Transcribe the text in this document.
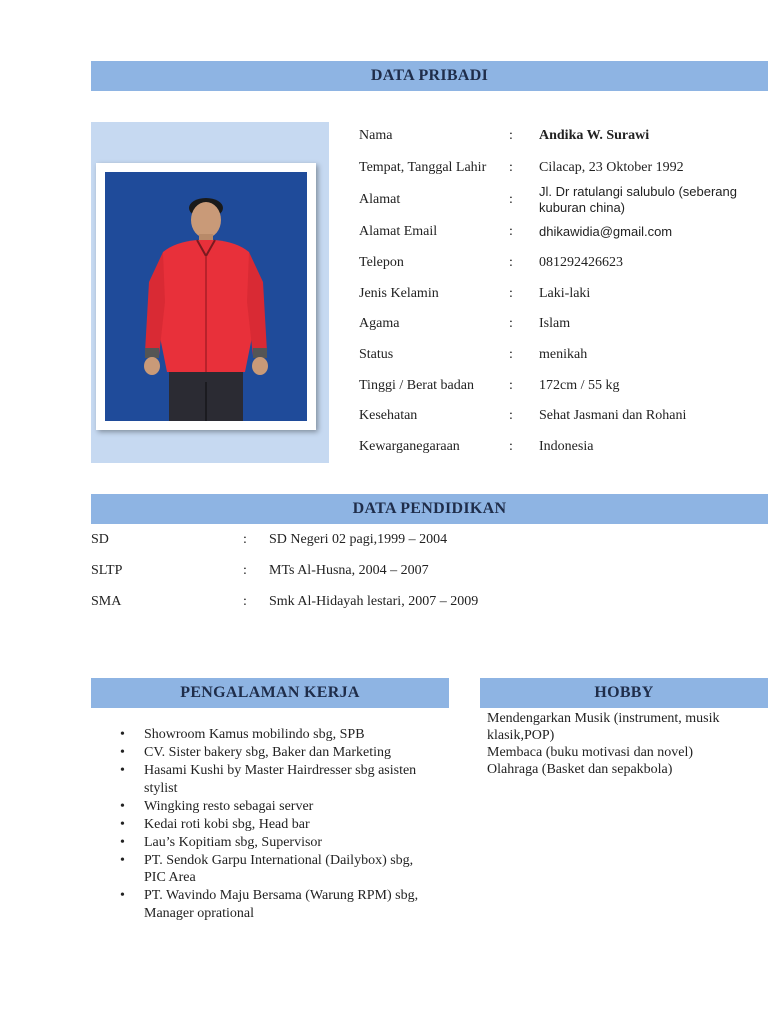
DATA PRIBADI
Nama	:	Andika W. Surawi
Tempat, Tanggal Lahir	:	Cilacap, 23 Oktober 1992
Alamat	:
Jl. Dr ratulangi salubulo (seberang kuburan china)
Alamat Email	:	dhikawidia@gmail.com
Telepon	:	081292426623
Jenis Kelamin	:	Laki-laki
Agama	:	Islam
Status	:	menikah
Tinggi / Berat badan	:	172cm / 55 kg
Kesehatan	:	Sehat Jasmani dan Rohani
Kewarganegaraan	:	Indonesia
DATA PENDIDIKAN
SD	:	SD Negeri 02 pagi,1999 – 2004
SLTP	:	MTs Al-Husna, 2004 – 2007
SMA	:	Smk Al-Hidayah lestari, 2007 – 2009
PENGALAMAN KERJA
• Showroom Kamus mobilindo sbg, SPB
• CV. Sister bakery sbg, Baker dan Marketing
• Hasami Kushi by Master Hairdresser sbg asisten stylist
• Wingking resto sebagai server
• Kedai roti kobi sbg, Head bar
• Lau’s Kopitiam sbg, Supervisor
• PT. Sendok Garpu International (Dailybox) sbg, PIC Area
• PT. Wavindo Maju Bersama (Warung RPM) sbg, Manager oprational
HOBBY
Mendengarkan Musik (instrument, musik klasik,POP)
Membaca (buku motivasi dan novel)
Olahraga (Basket dan sepakbola)
